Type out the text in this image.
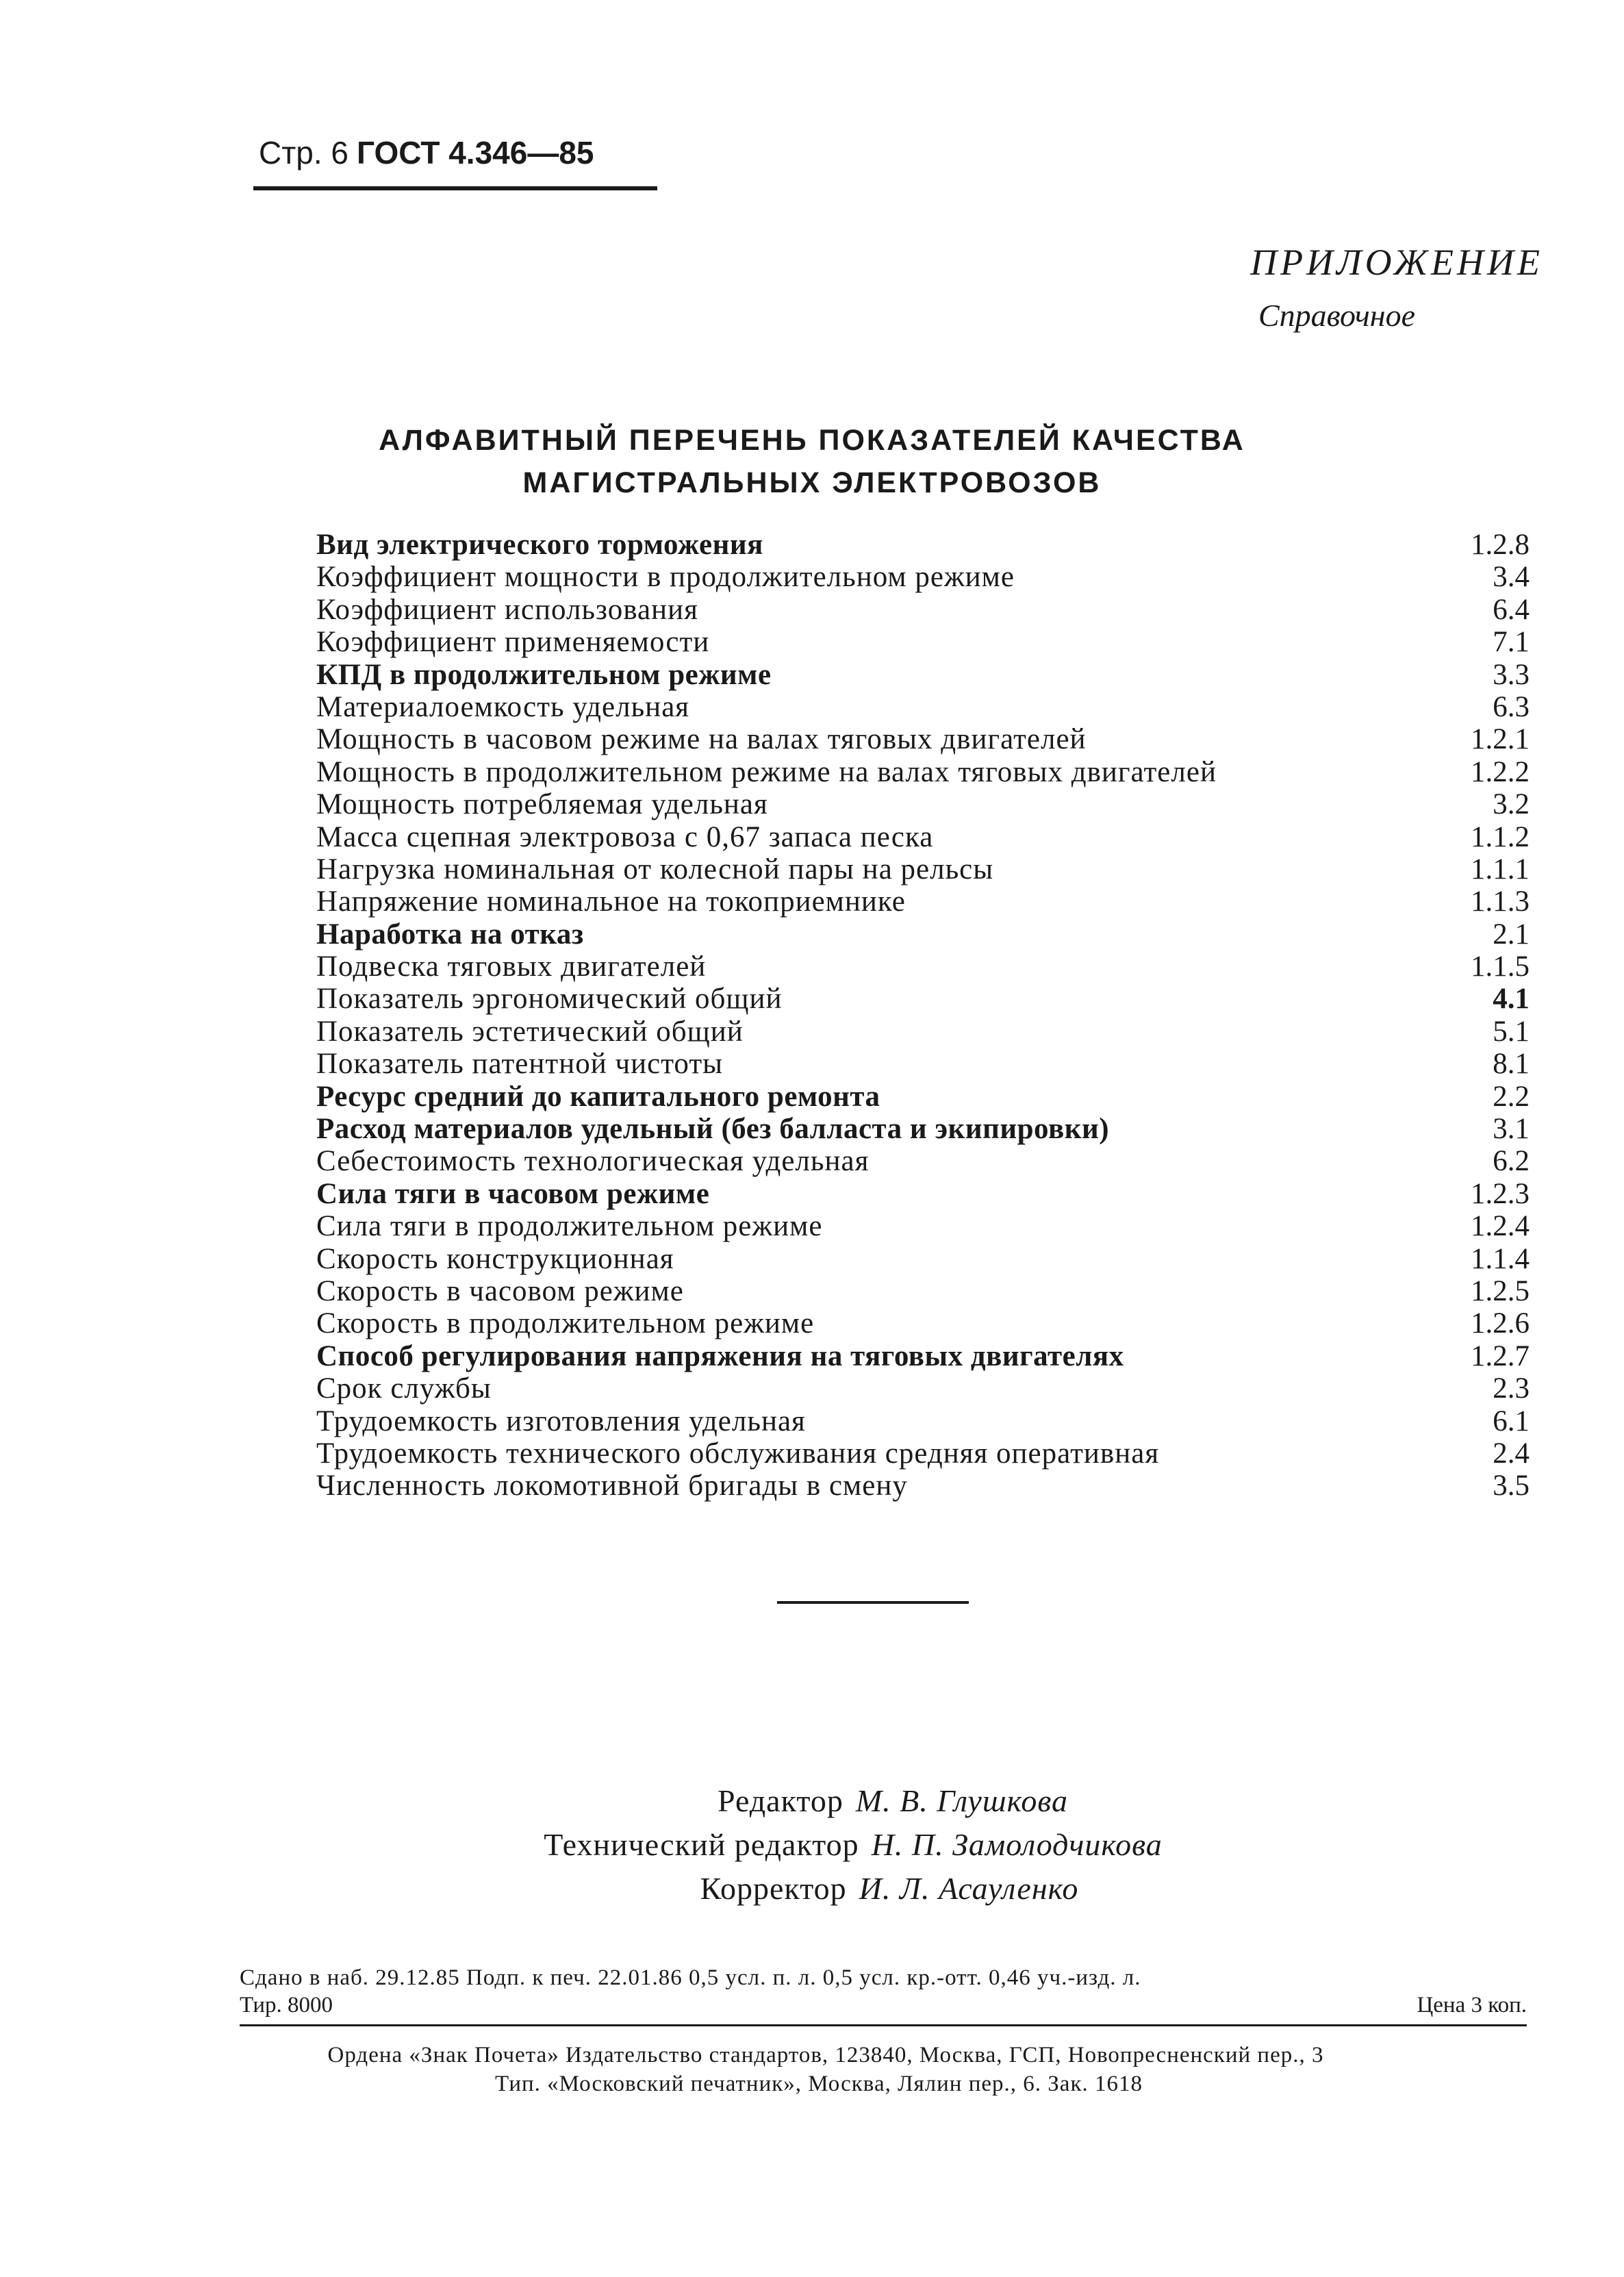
Стр. 6 ГОСТ 4.346—85
ПРИЛОЖЕНИЕ
Справочное
АЛФАВИТНЫЙ ПЕРЕЧЕНЬ ПОКАЗАТЕЛЕЙ КАЧЕСТВА
МАГИСТРАЛЬНЫХ ЭЛЕКТРОВОЗОВ
Вид электрического торможения	1.2.8
Коэффициент мощности в продолжительном режиме	3.4
Коэффициент использования	6.4
Коэффициент применяемости	7.1
КПД в продолжительном режиме	3.3
Материалоемкость удельная	6.3
Мощность в часовом режиме на валах тяговых двигателей	1.2.1
Мощность в продолжительном режиме на валах тяговых двигателей	1.2.2
Мощность потребляемая удельная	3.2
Масса сцепная электровоза с 0,67 запаса песка	1.1.2
Нагрузка номинальная от колесной пары на рельсы	1.1.1
Напряжение номинальное на токоприемнике	1.1.3
Наработка на отказ	2.1
Подвеска тяговых двигателей	1.1.5
Показатель эргономический общий	4.1
Показатель эстетический общий	5.1
Показатель патентной чистоты	8.1
Ресурс средний до капитального ремонта	2.2
Расход материалов удельный (без балласта и экипировки)	3.1
Себестоимость технологическая удельная	6.2
Сила тяги в часовом режиме	1.2.3
Сила тяги в продолжительном режиме	1.2.4
Скорость конструкционная	1.1.4
Скорость в часовом режиме	1.2.5
Скорость в продолжительном режиме	1.2.6
Способ регулирования напряжения на тяговых двигателях	1.2.7
Срок службы	2.3
Трудоемкость изготовления удельная	6.1
Трудоемкость технического обслуживания средняя оперативная	2.4
Численность локомотивной бригады в смену	3.5
Редактор М. В. Глушкова
Технический редактор Н. П. Замолодчикова
Корректор И. Л. Асауленко
Сдано в наб. 29.12.85 Подп. к печ. 22.01.86 0,5 усл. п. л. 0,5 усл. кр.-отт. 0,46 уч.-изд. л.
Тир. 8000	Цена 3 коп.
Ордена «Знак Почета» Издательство стандартов, 123840, Москва, ГСП, Новопресненский пер., 3
Тип. «Московский печатник», Москва, Лялин пер., 6. Зак. 1618
